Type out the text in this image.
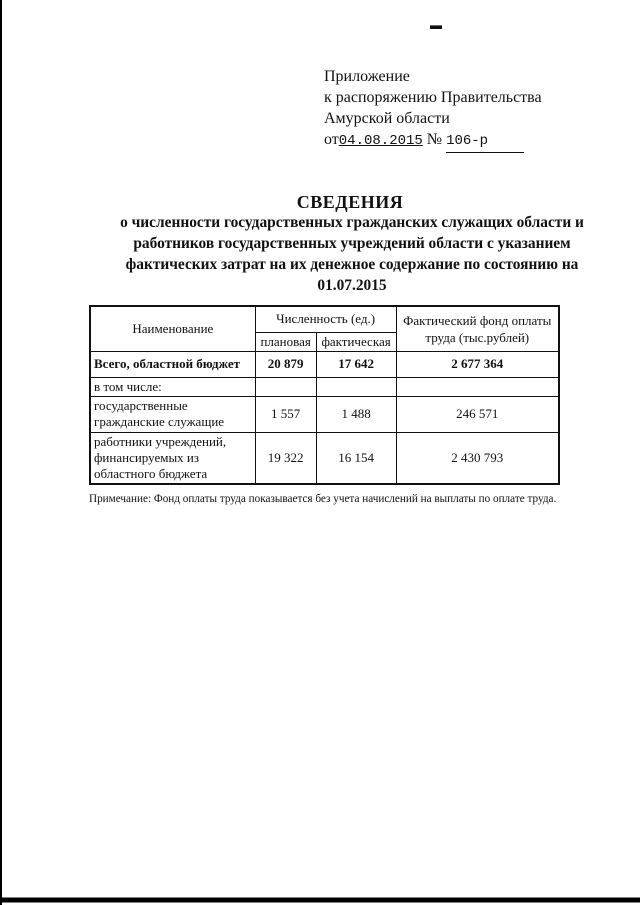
▬
Приложение
к распоряжению Правительства
Амурской области
от04.08.2015 № 106-р
СВЕДЕНИЯ
о численности государственных гражданских служащих области и
работников государственных учреждений области с указанием
фактических затрат на их денежное содержание по состоянию на
01.07.2015
Наименование	Численность (ед.)		Фактический фонд оплаты труда (тыс.рублей)
	плановая	фактическая	
Всего, областной бюджет	20 879	17 642	2 677 364
в том числе:			
государственные гражданские служащие	1 557	1 488	246 571
работники учреждений, финансируемых из областного бюджета	19 322	16 154	2 430 793
Примечание: Фонд оплаты труда показывается без учета начислений на выплаты по оплате труда.
